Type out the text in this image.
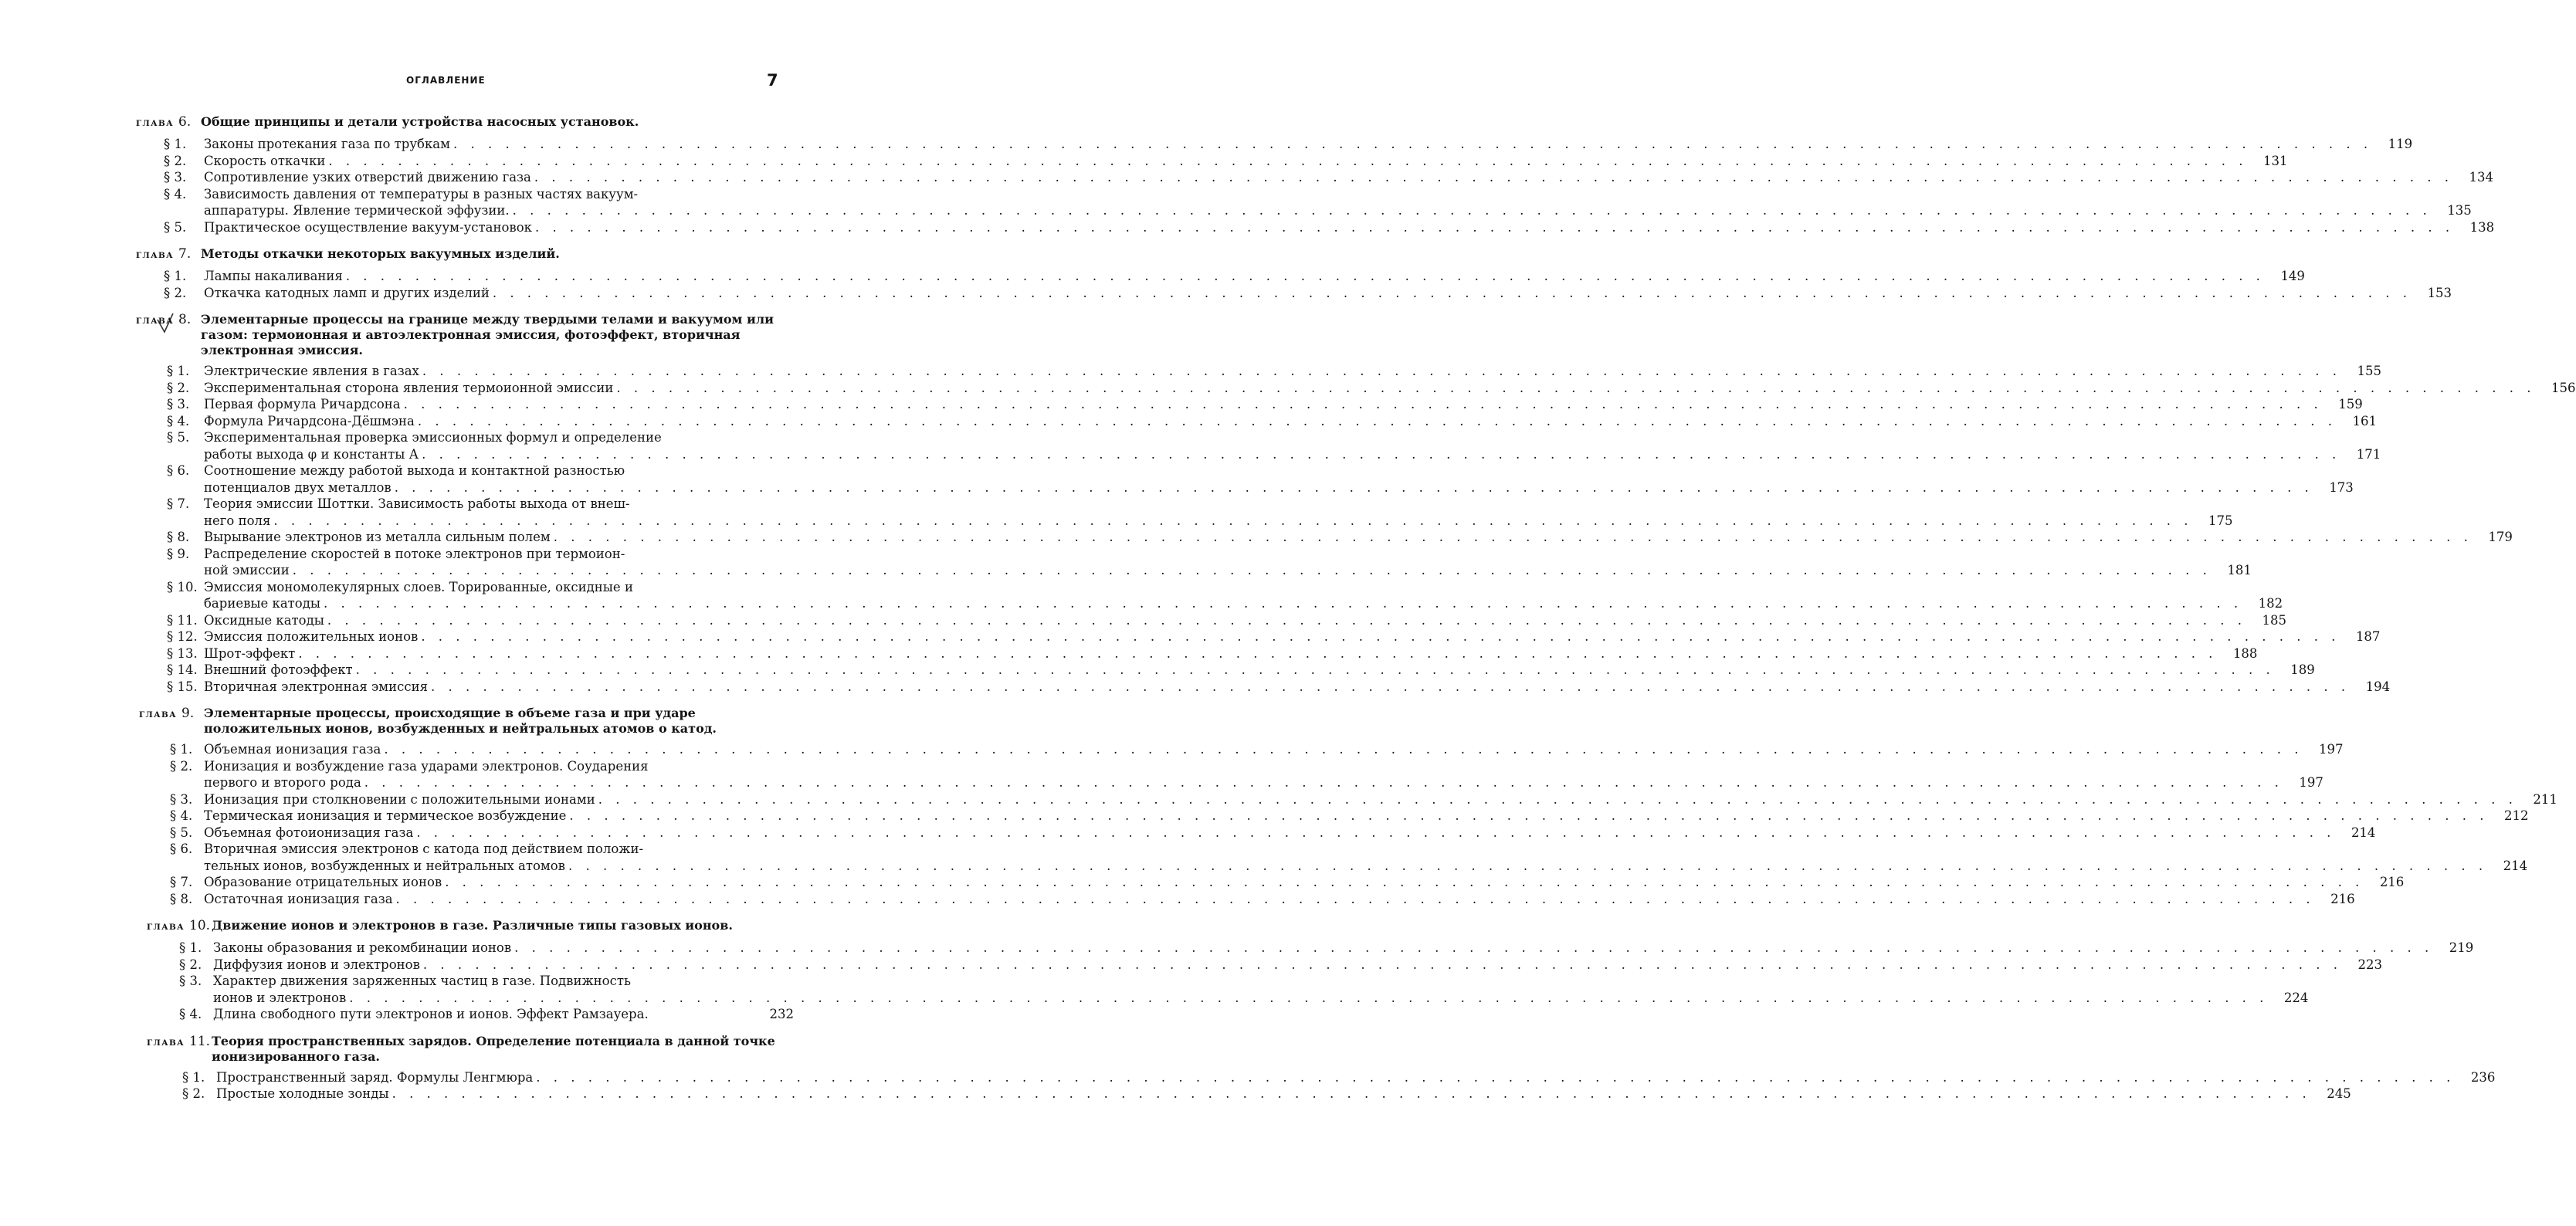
ОГЛАВЛЕНИЕ	7
ГЛАВА 6. Общие принципы и детали устройства насосных установок.
§ 1.	Законы протекания газа по трубкам . . .	119
§ 2.	Скорость откачки . . .	131
§ 3.	Сопротивление узких отверстий движению газа . . .	134
§ 4.	Зависимость давления от температуры в разных частях вакуум-
аппаратуры. Явление термической эффузии. . . .	135
§ 5.	Практическое осуществление вакуум-установок . . .	138
ГЛАВА 7. Методы откачки некоторых вакуумных изделий.
§ 1.	Лампы накаливания . . .	149
§ 2.	Откачка катодных ламп и других изделий . . .	153
ГЛАВА 8. Элементарные процессы на границе между твердыми телами и вакуумом или газом: термоионная и автоэлектронная эмиссия, фотоэффект, вторичная электронная эмиссия.
§ 1.	Электрические явления в газах . . .	155
§ 2.	Экспериментальная сторона явления термоионной эмиссии . . .	156
§ 3.	Первая формула Ричардсона . . .	159
§ 4.	Формула Ричардсона-Дёшмэна . . .	161
§ 5.	Экспериментальная проверка эмиссионных формул и определение
работы выхода φ и константы А . . .	171
§ 6.	Соотношение между работой выхода и контактной разностью
потенциалов двух металлов . . .	173
§ 7.	Теория эмиссии Шоттки. Зависимость работы выхода от внеш-
него поля . . .	175
§ 8.	Вырывание электронов из металла сильным полем . . .	179
§ 9.	Распределение скоростей в потоке электронов при термоион-
ной эмиссии . . .	181
§ 10. Эмиссия мономолекулярных слоев. Торированные, оксидные и
бариевые катоды . . .	182
§ 11. Оксидные катоды . . .	185
§ 12. Эмиссия положительных ионов . . .	187
§ 13. Шрот-эффект . . .	188
§ 14. Внешний фотоэффект . . .	189
§ 15. Вторичная электронная эмиссия . . .	194
ГЛАВА 9. Элементарные процессы, происходящие в объеме газа и при ударе положительных ионов, возбужденных и нейтральных атомов о катод.
§ 1. Объемная ионизация газа . . .	197
§ 2. Ионизация и возбуждение газа ударами электронов. Соударения
первого и второго рода . . .	197
§ 3. Ионизация при столкновении с положительными ионами . . .	211
§ 4. Термическая ионизация и термическое возбуждение . . .	212
§ 5. Объемная фотоионизация газа . . .	214
§ 6. Вторичная эмиссия электронов с катода под действием положи-
тельных ионов, возбужденных и нейтральных атомов . . .	214
§ 7. Образование отрицательных ионов . . .	216
§ 8. Остаточная ионизация газа . . .	216
ГЛАВА 10. Движение ионов и электронов в газе. Различные типы газовых ионов.
§ 1. Законы образования и рекомбинации ионов . . .	219
§ 2. Диффузия ионов и электронов . . .	223
§ 3. Характер движения заряженных частиц в газе. Подвижность
ионов и электронов . . .	224
§ 4. Длина свободного пути электронов и ионов. Эффект Рамзауера.	232
ГЛАВА 11. Теория пространственных зарядов. Определение потенциала в данной точке ионизированного газа.
§ 1. Пространственный заряд. Формулы Ленгмюра . . .	236
§ 2. Простые холодные зонды . . .	245
